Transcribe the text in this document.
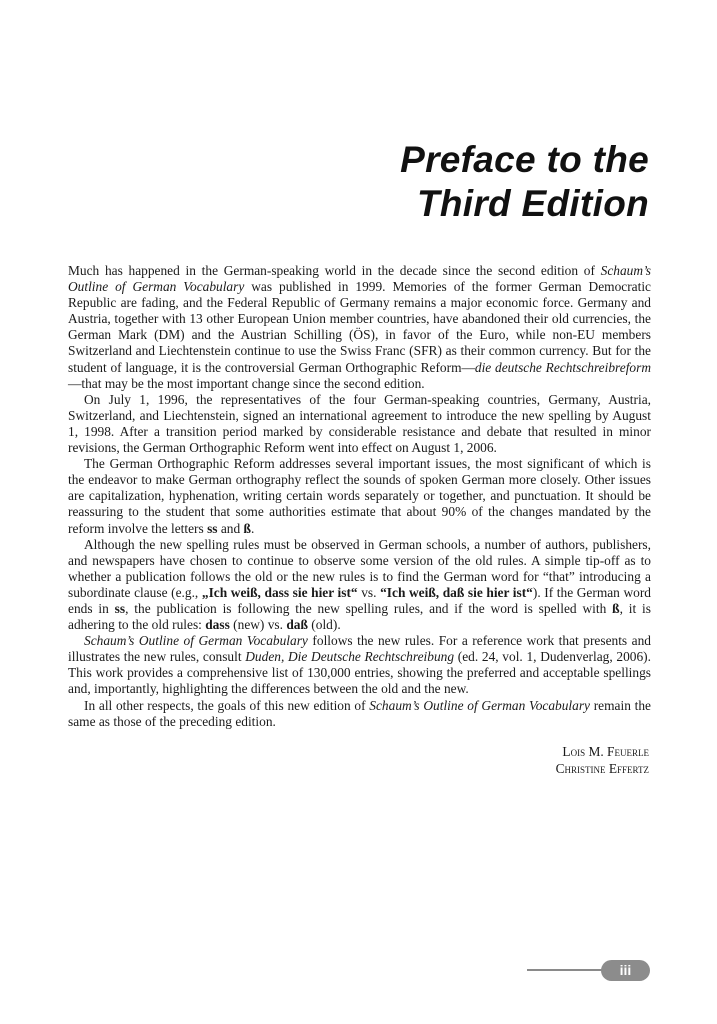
Preface to the
Third Edition

Much has happened in the German-speaking world in the decade since the second edition of Schaum’s Outline of German Vocabulary was published in 1999. Memories of the former German Democratic Republic are fading, and the Federal Republic of Germany remains a major economic force. Germany and Austria, together with 13 other European Union member countries, have abandoned their old currencies, the German Mark (DM) and the Austrian Schilling (ÖS), in favor of the Euro, while non-EU members Switzerland and Liechtenstein continue to use the Swiss Franc (SFR) as their common currency. But for the student of language, it is the controversial German Orthographic Reform—die deutsche Rechtschreibreform—that may be the most important change since the second edition.

On July 1, 1996, the representatives of the four German-speaking countries, Germany, Austria, Switzerland, and Liechtenstein, signed an international agreement to introduce the new spelling by August 1, 1998. After a transition period marked by considerable resistance and debate that resulted in minor revisions, the German Orthographic Reform went into effect on August 1, 2006.

The German Orthographic Reform addresses several important issues, the most significant of which is the endeavor to make German orthography reflect the sounds of spoken German more closely. Other issues are capitalization, hyphenation, writing certain words separately or together, and punctuation. It should be reassuring to the student that some authorities estimate that about 90% of the changes mandated by the reform involve the letters ss and ß.

Although the new spelling rules must be observed in German schools, a number of authors, publishers, and newspapers have chosen to continue to observe some version of the old rules. A simple tip-off as to whether a publication follows the old or the new rules is to find the German word for “that” introducing a subordinate clause (e.g., „Ich weiß, dass sie hier ist“ vs. “Ich weiß, daß sie hier ist“). If the German word ends in ss, the publication is following the new spelling rules, and if the word is spelled with ß, it is adhering to the old rules: dass (new) vs. daß (old).

Schaum’s Outline of German Vocabulary follows the new rules. For a reference work that presents and illustrates the new rules, consult Duden, Die Deutsche Rechtschreibung (ed. 24, vol. 1, Dudenverlag, 2006). This work provides a comprehensive list of 130,000 entries, showing the preferred and acceptable spellings and, importantly, highlighting the differences between the old and the new.

In all other respects, the goals of this new edition of Schaum’s Outline of German Vocabulary remain the same as those of the preceding edition.

Lois M. Feuerle
Christine Effertz
iii
